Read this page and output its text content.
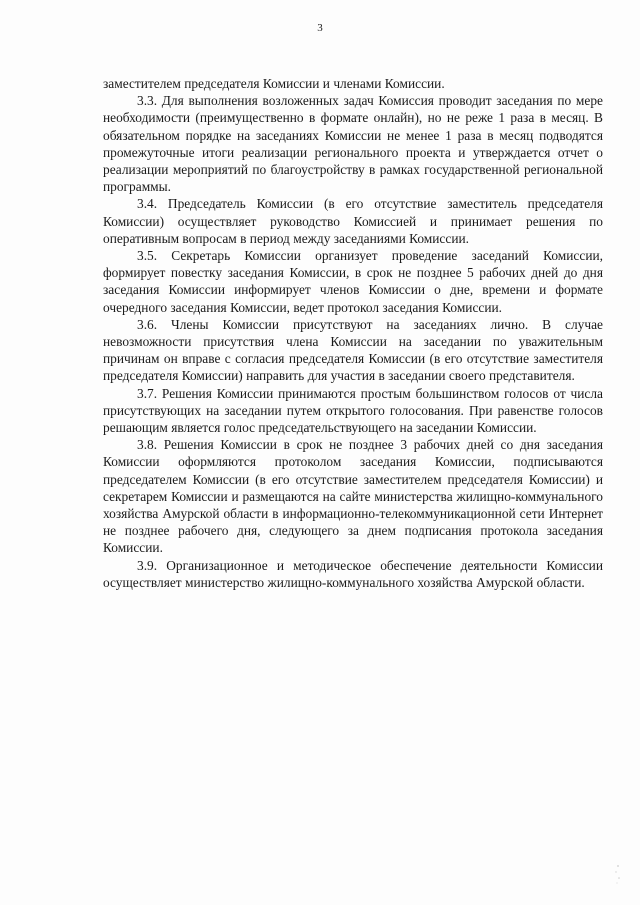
3

заместителем председателя Комиссии и членами Комиссии.

3.3. Для выполнения возложенных задач Комиссия проводит заседания по мере необходимости (преимущественно в формате онлайн), но не реже 1 раза в месяц. В обязательном порядке на заседаниях Комиссии не менее 1 раза в месяц подводятся промежуточные итоги реализации регионального проекта и утверждается отчет о реализации мероприятий по благоустройству в рамках государственной региональной программы.

3.4. Председатель Комиссии (в его отсутствие заместитель председателя Комиссии) осуществляет руководство Комиссией и принимает решения по оперативным вопросам в период между заседаниями Комиссии.

3.5. Секретарь Комиссии организует проведение заседаний Комиссии, формирует повестку заседания Комиссии, в срок не позднее 5 рабочих дней до дня заседания Комиссии информирует членов Комиссии о дне, времени и формате очередного заседания Комиссии, ведет протокол заседания Комиссии.

3.6. Члены Комиссии присутствуют на заседаниях лично. В случае невозможности присутствия члена Комиссии на заседании по уважительным причинам он вправе с согласия председателя Комиссии (в его отсутствие заместителя председателя Комиссии) направить для участия в заседании своего представителя.

3.7. Решения Комиссии принимаются простым большинством голосов от числа присутствующих на заседании путем открытого голосования. При равенстве голосов решающим является голос председательствующего на заседании Комиссии.

3.8. Решения Комиссии в срок не позднее 3 рабочих дней со дня заседания Комиссии оформляются протоколом заседания Комиссии, подписываются председателем Комиссии (в его отсутствие заместителем председателя Комиссии) и секретарем Комиссии и размещаются на сайте министерства жилищно-коммунального хозяйства Амурской области в информационно-телекоммуникационной сети Интернет не позднее рабочего дня, следующего за днем подписания протокола заседания Комиссии.

3.9. Организационное и методическое обеспечение деятельности Комиссии осуществляет министерство жилищно-коммунального хозяйства Амурской области.
